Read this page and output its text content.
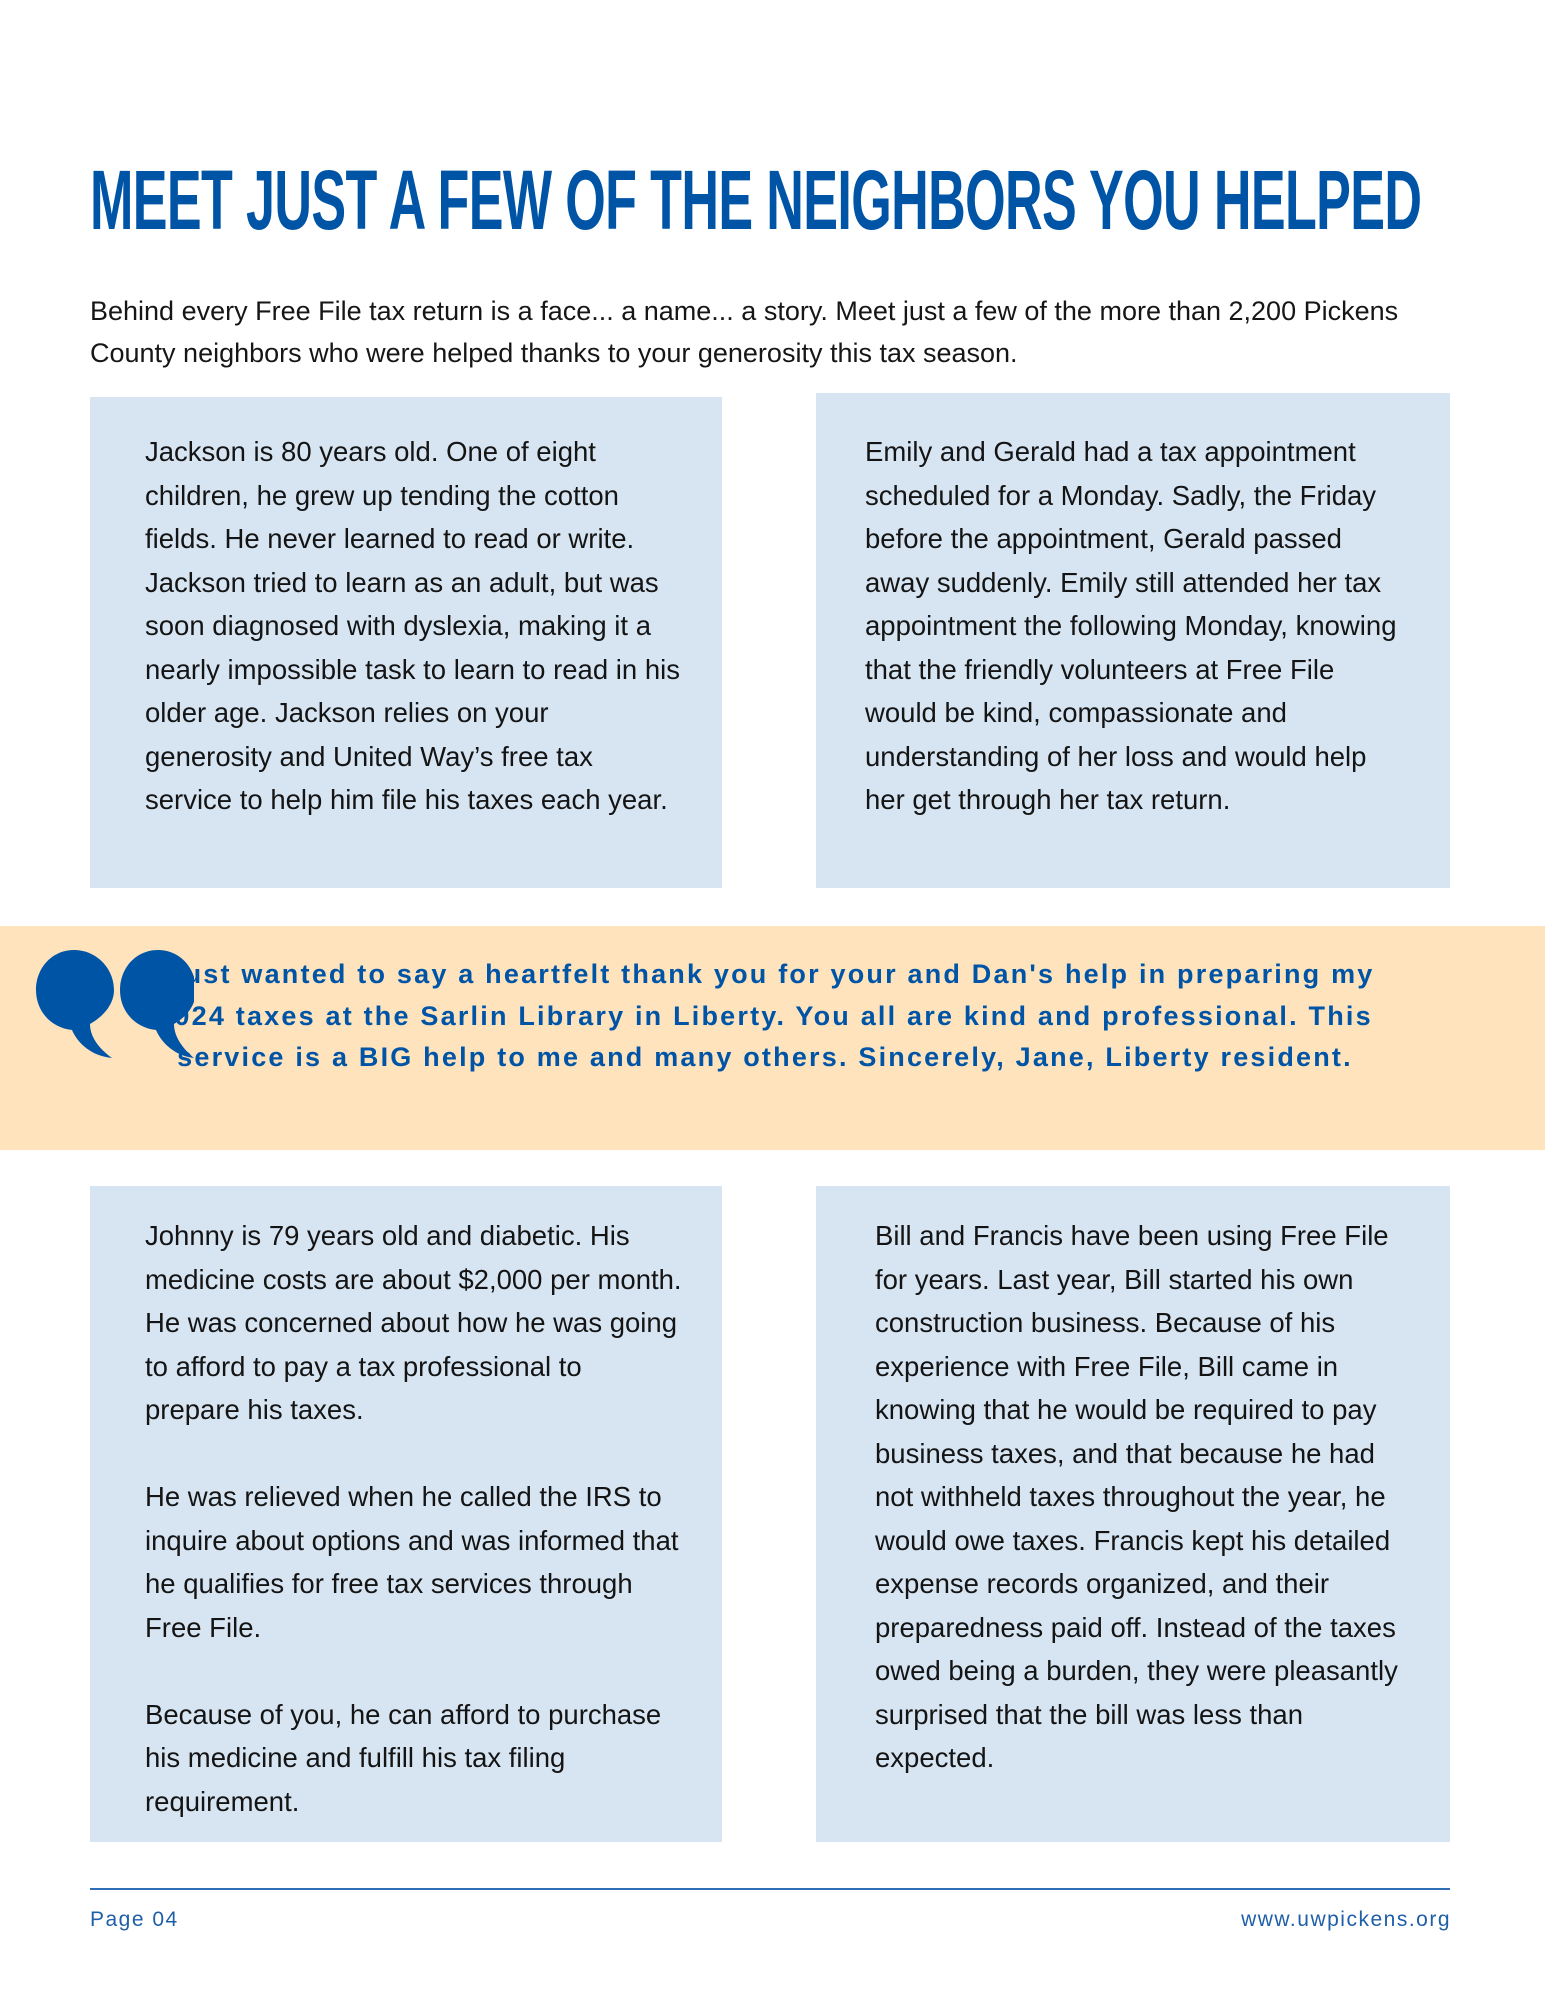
MEET JUST A FEW OF THE NEIGHBORS YOU HELPED

Behind every Free File tax return is a face... a name... a story. Meet just a few of the more than 2,200 Pickens County neighbors who were helped thanks to your generosity this tax season.

Jackson is 80 years old. One of eight children, he grew up tending the cotton fields. He never learned to read or write. Jackson tried to learn as an adult, but was soon diagnosed with dyslexia, making it a nearly impossible task to learn to read in his older age. Jackson relies on your generosity and United Way’s free tax service to help him file his taxes each year.

Emily and Gerald had a tax appointment scheduled for a Monday. Sadly, the Friday before the appointment, Gerald passed away suddenly. Emily still attended her tax appointment the following Monday, knowing that the friendly volunteers at Free File would be kind, compassionate and understanding of her loss and would help her get through her tax return.

I just wanted to say a heartfelt thank you for your and Dan's help in preparing my 2024 taxes at the Sarlin Library in Liberty. You all are kind and professional. This service is a BIG help to me and many others. Sincerely, Jane, Liberty resident.

Johnny is 79 years old and diabetic. His medicine costs are about $2,000 per month. He was concerned about how he was going to afford to pay a tax professional to prepare his taxes.

He was relieved when he called the IRS to inquire about options and was informed that he qualifies for free tax services through Free File.

Because of you, he can afford to purchase his medicine and fulfill his tax filing requirement.

Bill and Francis have been using Free File for years. Last year, Bill started his own construction business. Because of his experience with Free File, Bill came in knowing that he would be required to pay business taxes, and that because he had not withheld taxes throughout the year, he would owe taxes. Francis kept his detailed expense records organized, and their preparedness paid off. Instead of the taxes owed being a burden, they were pleasantly surprised that the bill was less than expected.

Page 04	www.uwpickens.org
